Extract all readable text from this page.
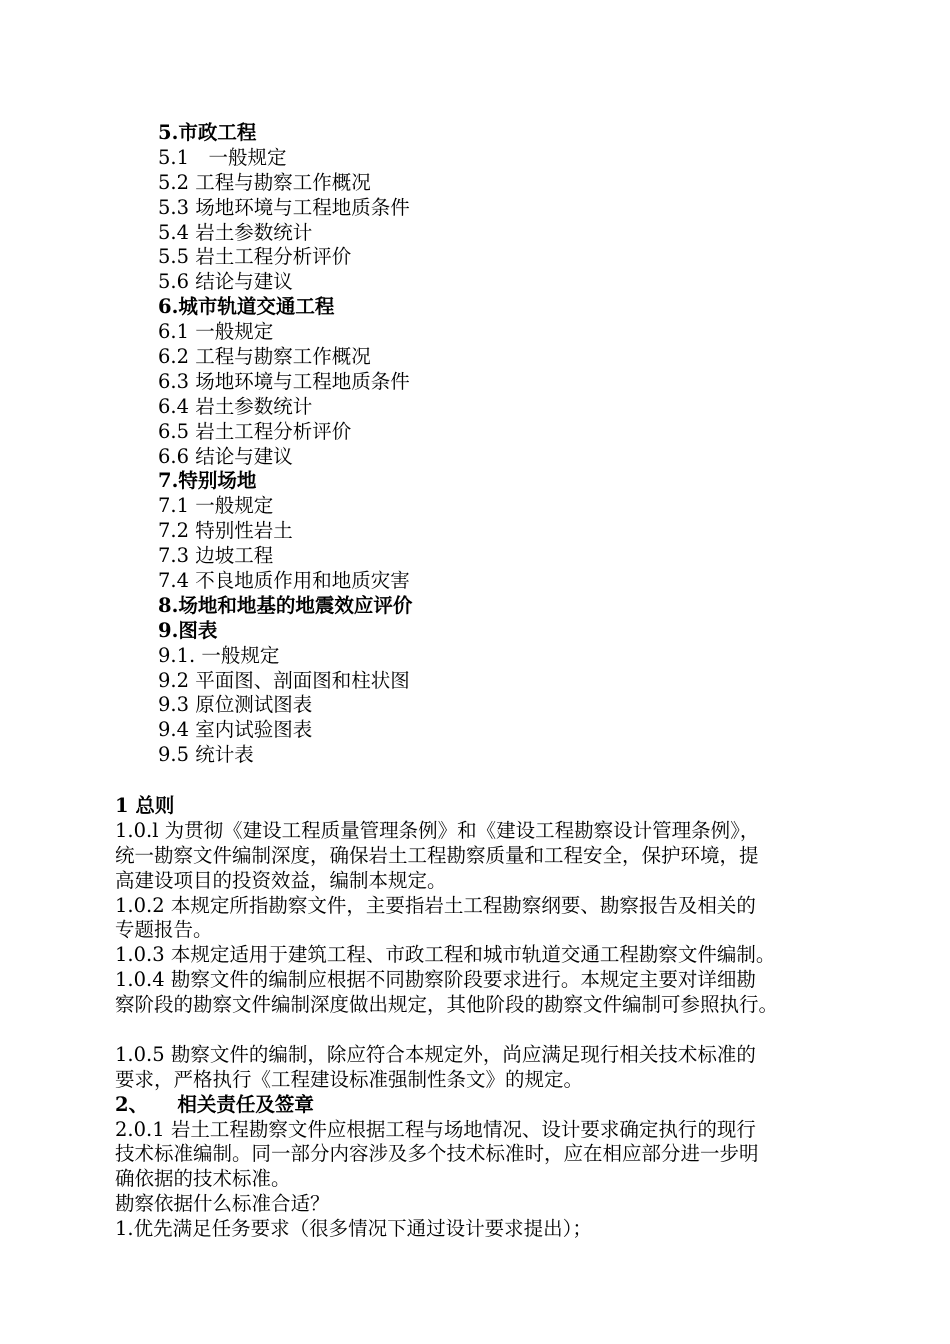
5.市政工程
5.1　一般规定
5.2 工程与勘察工作概况
5.3 场地环境与工程地质条件
5.4 岩土参数统计
5.5 岩土工程分析评价
5.6 结论与建议
6.城市轨道交通工程
6.1 一般规定
6.2 工程与勘察工作概况
6.3 场地环境与工程地质条件
6.4 岩土参数统计
6.5 岩土工程分析评价
6.6 结论与建议
7.特别场地
7.1 一般规定
7.2 特别性岩土
7.3 边坡工程
7.4 不良地质作用和地质灾害
8.场地和地基的地震效应评价
9.图表
9.1. 一般规定
9.2 平面图、剖面图和柱状图
9.3 原位测试图表
9.4 室内试验图表
9.5 统计表
1 总则
1.0.l 为贯彻《建设工程质量管理条例》和《建设工程勘察设计管理条例》，
统一勘察文件编制深度，确保岩土工程勘察质量和工程安全，保护环境，提
高建设项目的投资效益，编制本规定。
1.0.2 本规定所指勘察文件，主要指岩土工程勘察纲要、勘察报告及相关的
专题报告。
1.0.3 本规定适用于建筑工程、市政工程和城市轨道交通工程勘察文件编制。
1.0.4 勘察文件的编制应根据不同勘察阶段要求进行。本规定主要对详细勘
察阶段的勘察文件编制深度做出规定，其他阶段的勘察文件编制可参照执行。
1.0.5 勘察文件的编制，除应符合本规定外，尚应满足现行相关技术标准的
要求，严格执行《工程建设标准强制性条文》的规定。
2、　　相关责任及签章
2.0.1 岩土工程勘察文件应根据工程与场地情况、设计要求确定执行的现行
技术标准编制。同一部分内容涉及多个技术标准时，应在相应部分进一步明
确依据的技术标准。
勘察依据什么标准合适？
1.优先满足任务要求（很多情况下通过设计要求提出）；
